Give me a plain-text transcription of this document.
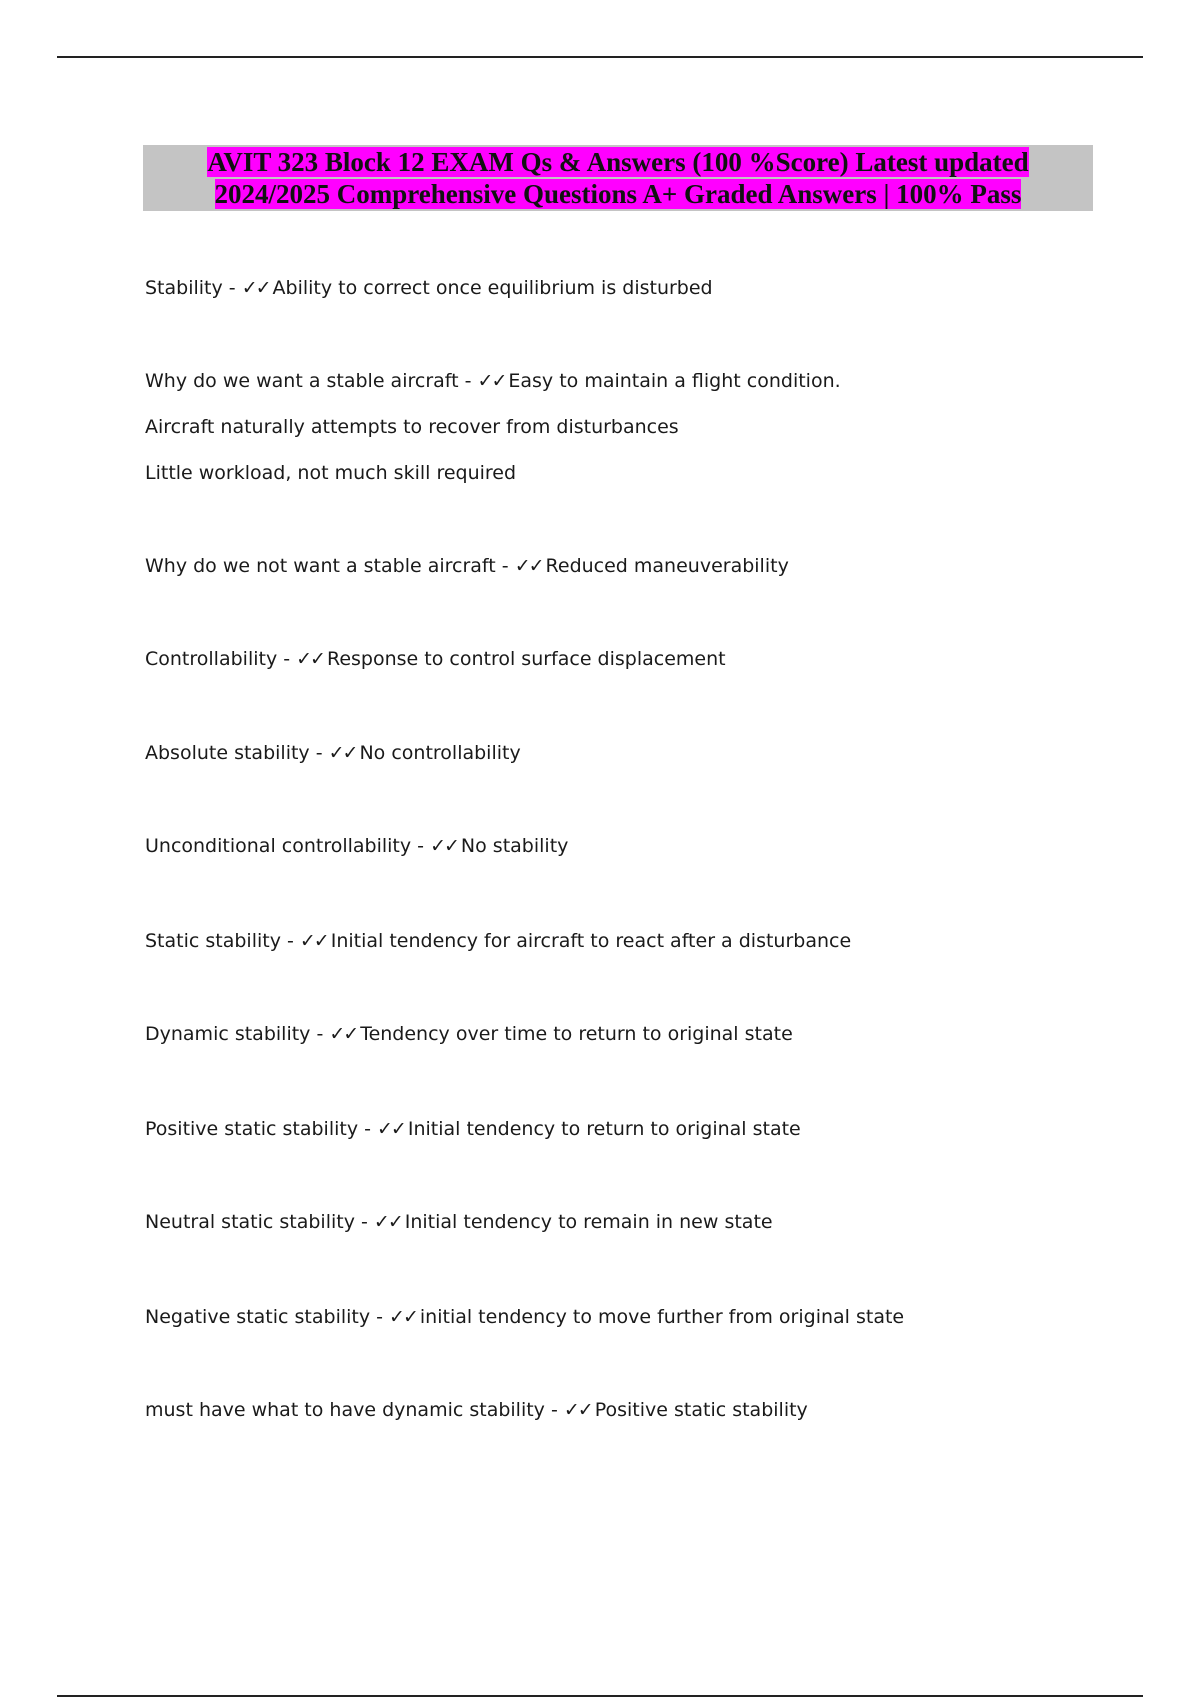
AVIT 323 Block 12 EXAM Qs & Answers (100 %Score) Latest updated 2024/2025 Comprehensive Questions A+ Graded Answers | 100% Pass

Stability - ✓✓ Ability to correct once equilibrium is disturbed

Why do we want a stable aircraft - ✓✓ Easy to maintain a flight condition.

Aircraft naturally attempts to recover from disturbances

Little workload, not much skill required

Why do we not want a stable aircraft - ✓✓ Reduced maneuverability

Controllability - ✓✓ Response to control surface displacement

Absolute stability - ✓✓ No controllability

Unconditional controllability - ✓✓ No stability

Static stability - ✓✓ Initial tendency for aircraft to react after a disturbance

Dynamic stability - ✓✓ Tendency over time to return to original state

Positive static stability - ✓✓ Initial tendency to return to original state

Neutral static stability - ✓✓ Initial tendency to remain in new state

Negative static stability - ✓✓ initial tendency to move further from original state

must have what to have dynamic stability - ✓✓ Positive static stability
